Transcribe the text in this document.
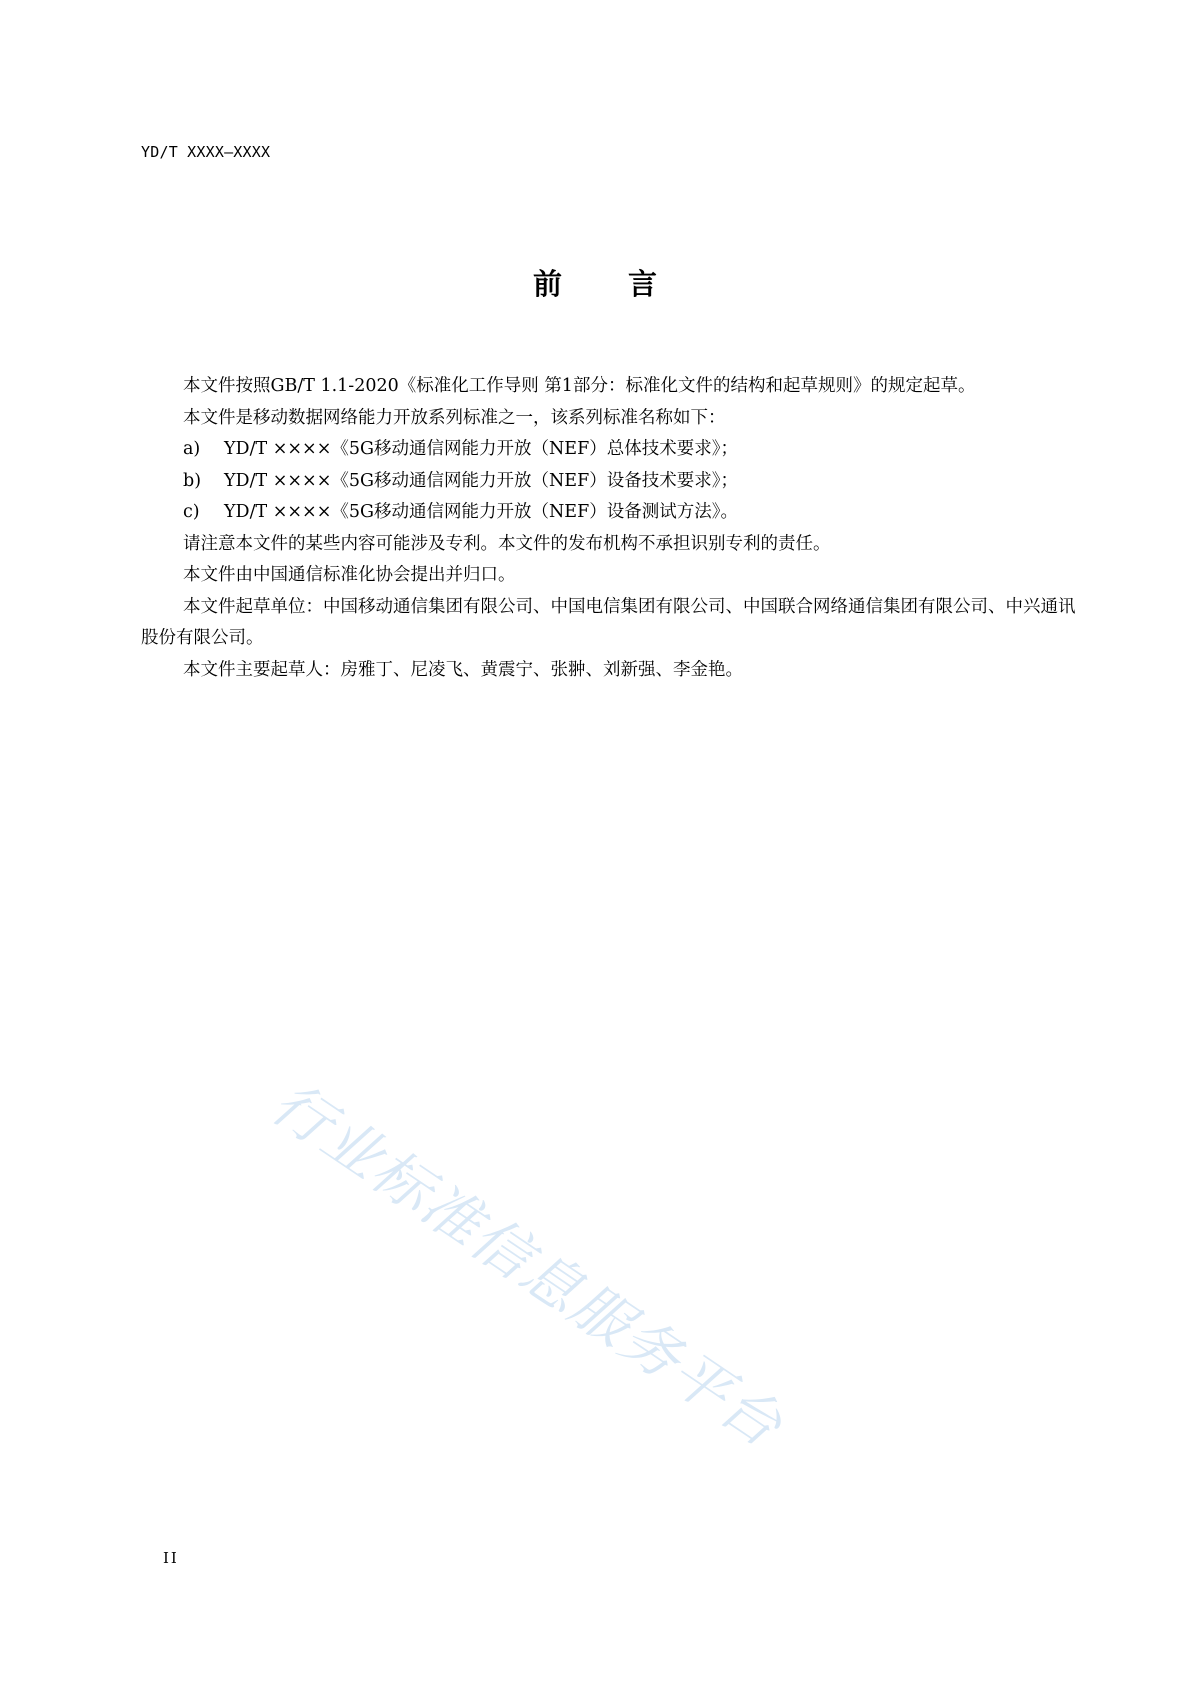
YD/T XXXX—XXXX
前 言

本文件按照GB/T 1.1-2020《标准化工作导则 第1部分：标准化文件的结构和起草规则》的规定起草。

本文件是移动数据网络能力开放系列标准之一，该系列标准名称如下：

a) YD/T ××××《5G移动通信网能力开放（NEF）总体技术要求》；

b) YD/T ××××《5G移动通信网能力开放（NEF）设备技术要求》；

c) YD/T ××××《5G移动通信网能力开放（NEF）设备测试方法》。

请注意本文件的某些内容可能涉及专利。本文件的发布机构不承担识别专利的责任。

本文件由中国通信标准化协会提出并归口。

本文件起草单位：中国移动通信集团有限公司、中国电信集团有限公司、中国联合网络通信集团有限公司、中兴通讯股份有限公司。

本文件主要起草人：房雅丁、尼凌飞、黄震宁、张翀、刘新强、李金艳。

行业标准信息服务平台
II
